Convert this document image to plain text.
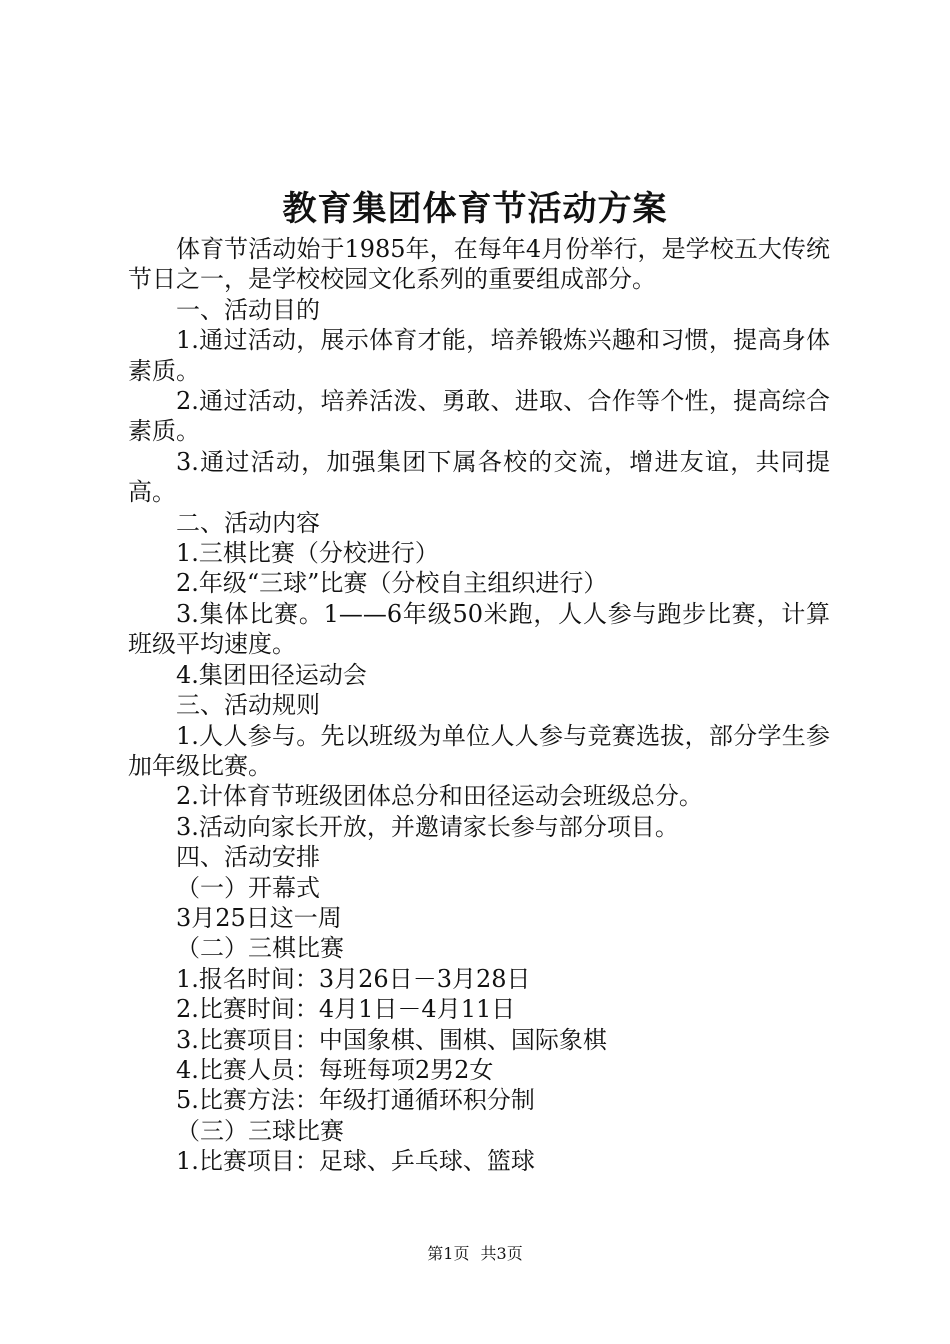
教育集团体育节活动方案

体育节活动始于1985年，在每年4月份举行，是学校五大传统节日之一，是学校校园文化系列的重要组成部分。

一、活动目的

1.通过活动，展示体育才能，培养锻炼兴趣和习惯，提高身体素质。

2.通过活动，培养活泼、勇敢、进取、合作等个性，提高综合素质。

3.通过活动，加强集团下属各校的交流，增进友谊，共同提高。

二、活动内容

1.三棋比赛（分校进行）

2.年级“三球”比赛（分校自主组织进行）

3.集体比赛。1——6年级50米跑，人人参与跑步比赛，计算班级平均速度。

4.集团田径运动会

三、活动规则

1.人人参与。先以班级为单位人人参与竞赛选拔，部分学生参加年级比赛。

2.计体育节班级团体总分和田径运动会班级总分。

3.活动向家长开放，并邀请家长参与部分项目。

四、活动安排

（一）开幕式

3月25日这一周

（二）三棋比赛

1.报名时间：3月26日－3月28日

2.比赛时间：4月1日－4月11日

3.比赛项目：中国象棋、围棋、国际象棋

4.比赛人员：每班每项2男2女

5.比赛方法：年级打通循环积分制

（三）三球比赛

1.比赛项目：足球、乒乓球、篮球

第1页 共3页
